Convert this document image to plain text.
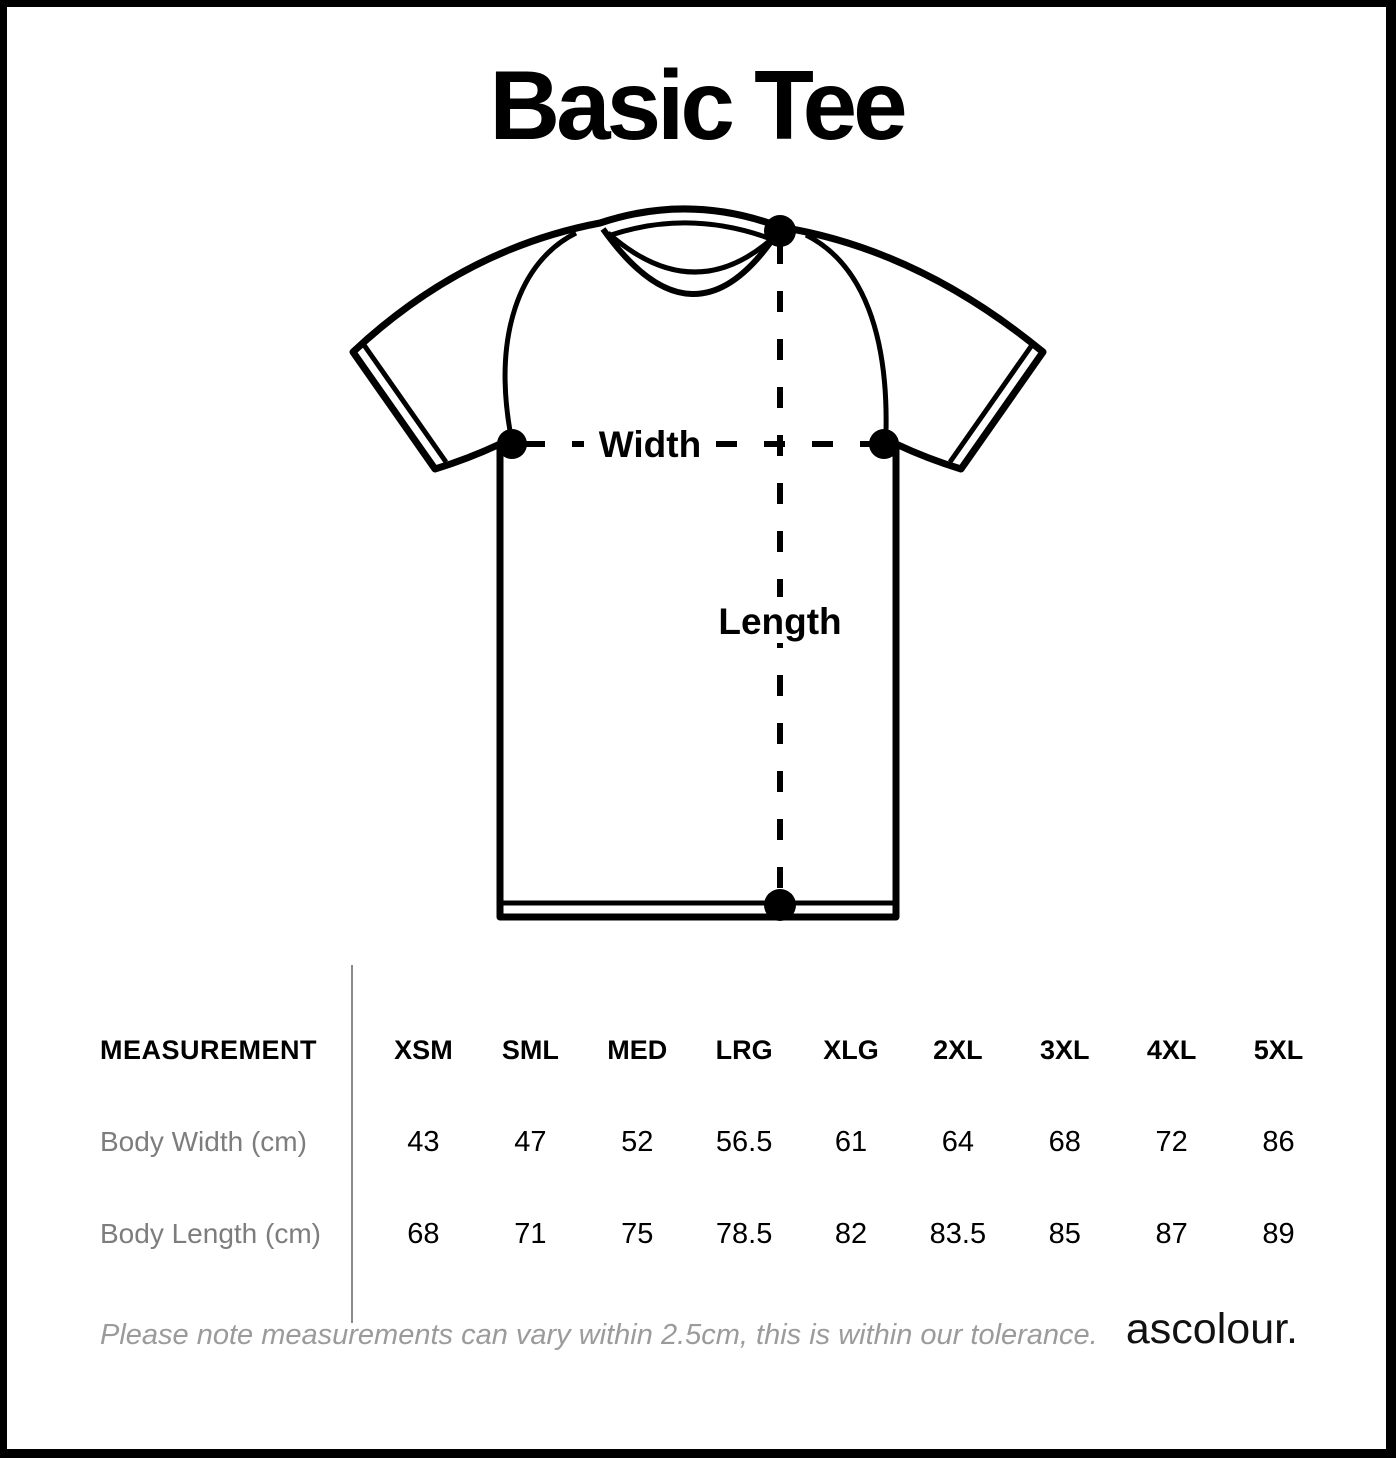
Basic Tee
Width
Length
MEASUREMENT	XSM	SML	MED	LRG	XLG	2XL	3XL	4XL	5XL
Body Width (cm)	43	47	52	56.5	61	64	68	72	86
Body Length (cm)	68	71	75	78.5	82	83.5	85	87	89
Please note measurements can vary within 2.5cm, this is within our tolerance. ascolour.
